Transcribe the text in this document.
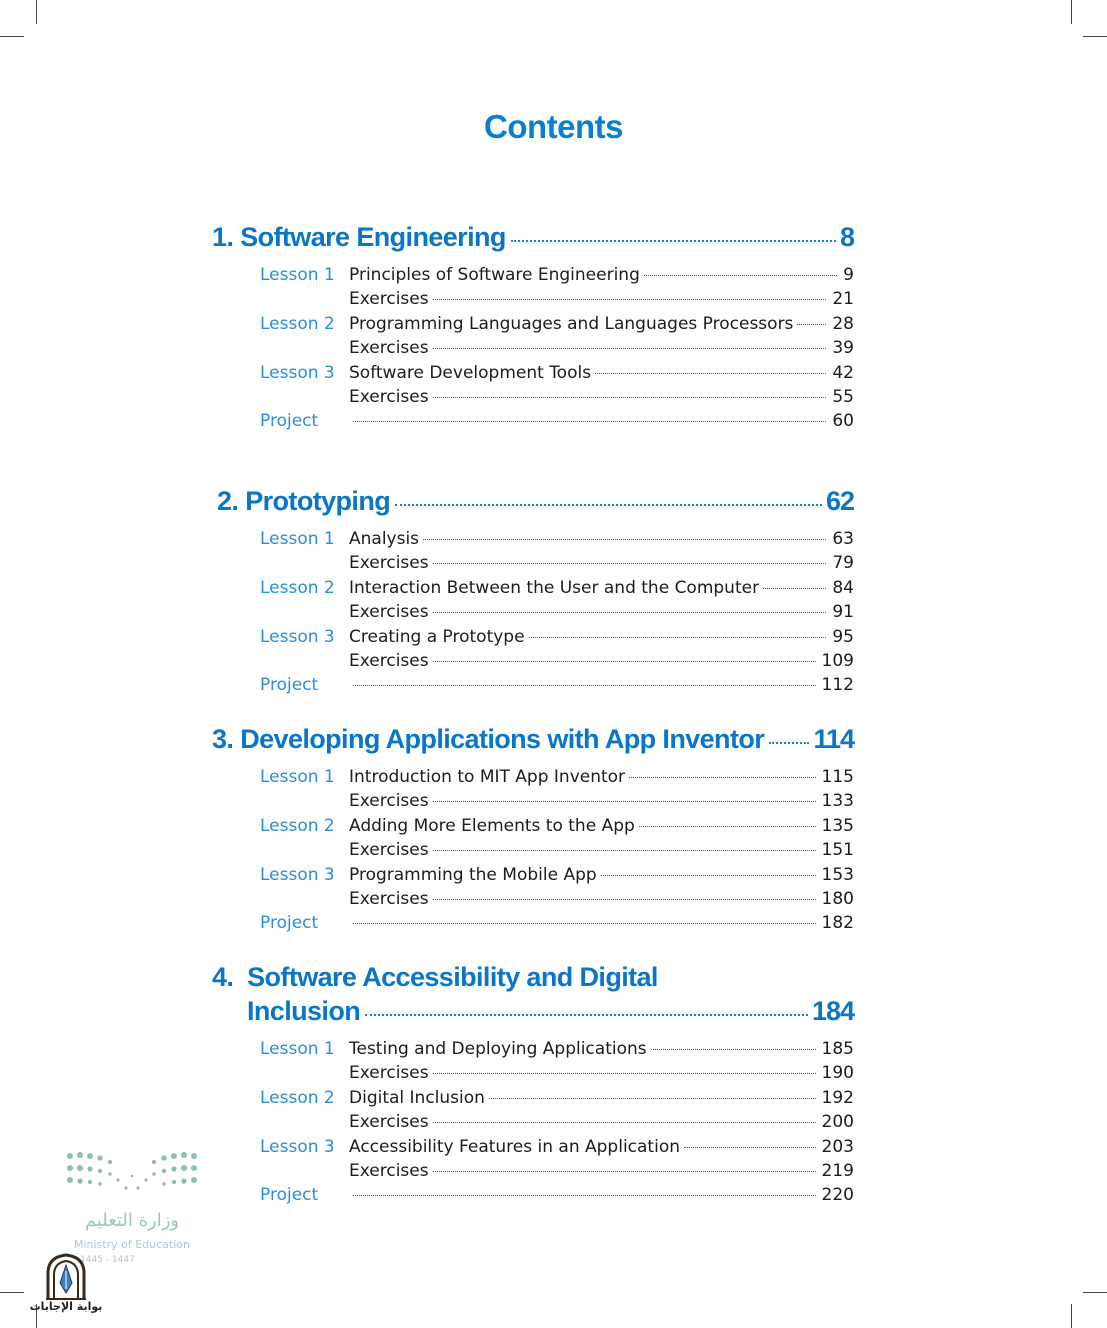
Contents
1. Software Engineering	8
Lesson 1 Principles of Software Engineering	9
Exercises	21
Lesson 2 Programming Languages and Languages Processors 28
Exercises	39
Lesson 3 Software Development Tools	42
Exercises	55
Project	60
2. Prototyping	62
Lesson 1 Analysis	63
Exercises	79
Lesson 2 Interaction Between the User and the Computer	84
Exercises	91
Lesson 3 Creating a Prototype	95
Exercises	109
Project	112
3. Developing Applications with App Inventor 114
Lesson 1 Introduction to MIT App Inventor	115
Exercises	133
Lesson 2 Adding More Elements to the App	135
Exercises	151
Lesson 3 Programming the Mobile App	153
Exercises	180
Project	182
4.  Software Accessibility and Digital
Inclusion	184
Lesson 1 Testing and Deploying Applications	185
Exercises	190
Lesson 2 Digital Inclusion	192
Exercises	200
Lesson 3 Accessibility Features in an Application	203
Exercises	219
Project	220
وزارة التعليم
Ministry of Education
1445 - 1447
بوابة الإجابات
